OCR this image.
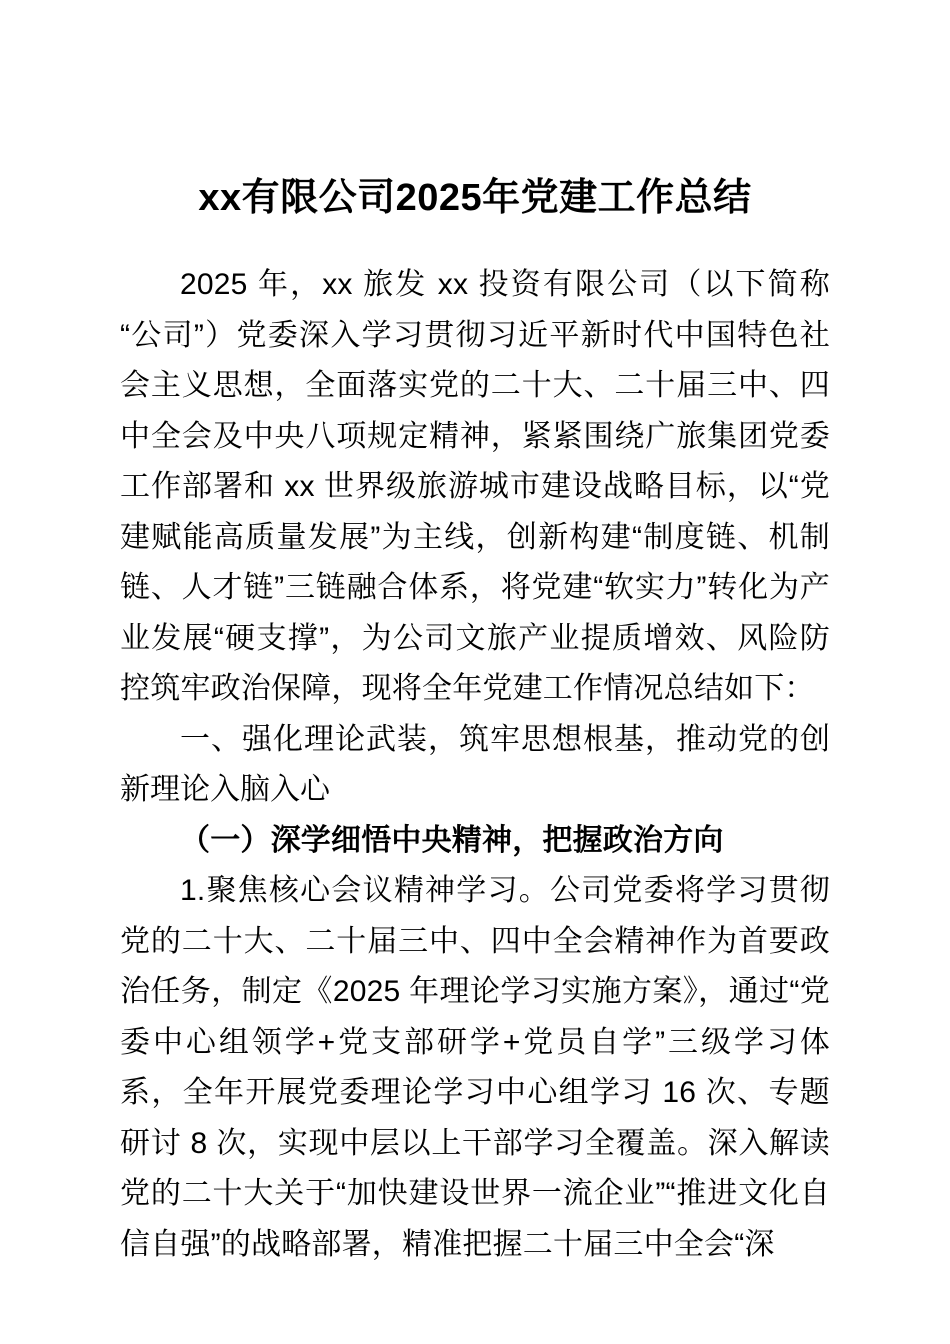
xx有限公司2025年党建工作总结

2025 年，xx 旅发 xx 投资有限公司（以下简称“公司”）党委深入学习贯彻习近平新时代中国特色社会主义思想，全面落实党的二十大、二十届三中、四中全会及中央八项规定精神，紧紧围绕广旅集团党委工作部署和 xx 世界级旅游城市建设战略目标，以“党建赋能高质量发展”为主线，创新构建“制度链、机制链、人才链”三链融合体系，将党建“软实力”转化为产业发展“硬支撑”，为公司文旅产业提质增效、风险防控筑牢政治保障，现将全年党建工作情况总结如下：

一、强化理论武装，筑牢思想根基，推动党的创新理论入脑入心

（一）深学细悟中央精神，把握政治方向

1.聚焦核心会议精神学习。公司党委将学习贯彻党的二十大、二十届三中、四中全会精神作为首要政治任务，制定《2025 年理论学习实施方案》，通过“党委中心组领学+党支部研学+党员自学”三级学习体系，全年开展党委理论学习中心组学习 16 次、专题研讨 8 次，实现中层以上干部学习全覆盖。深入解读党的二十大关于“加快建设世界一流企业”“推进文化自信自强”的战略部署，精准把握二十届三中全会“深
